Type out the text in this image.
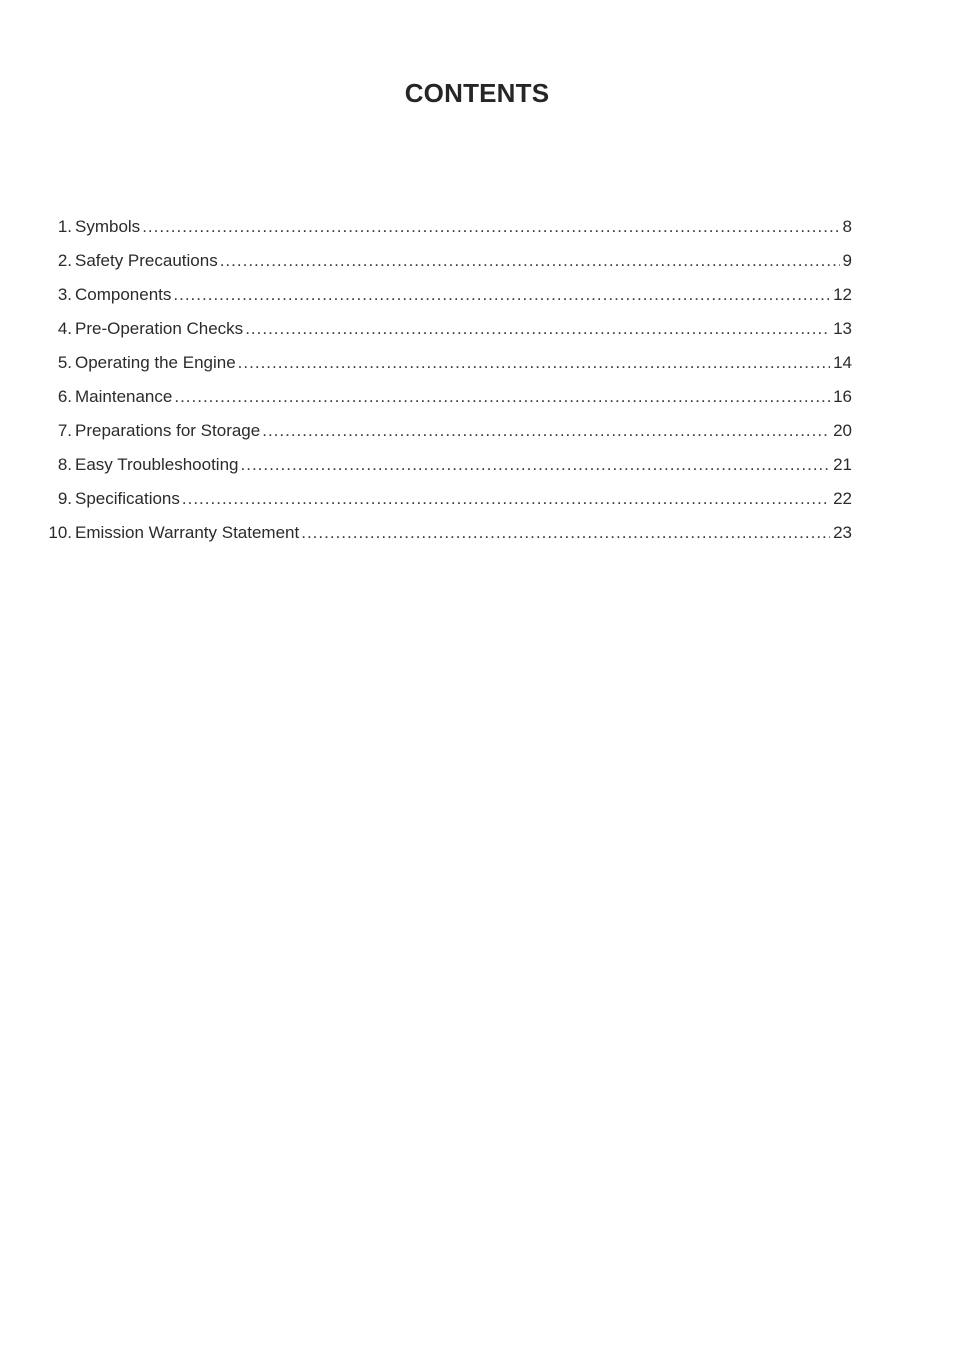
CONTENTS
1. Symbols .....	8
2. Safety Precautions .....	9
3. Components .....	12
4. Pre-Operation Checks .....	13
5. Operating the Engine .....	14
6. Maintenance .....	16
7. Preparations for Storage .....	20
8. Easy Troubleshooting .....	21
9. Specifications .....	22
10. Emission Warranty Statement .....	23
